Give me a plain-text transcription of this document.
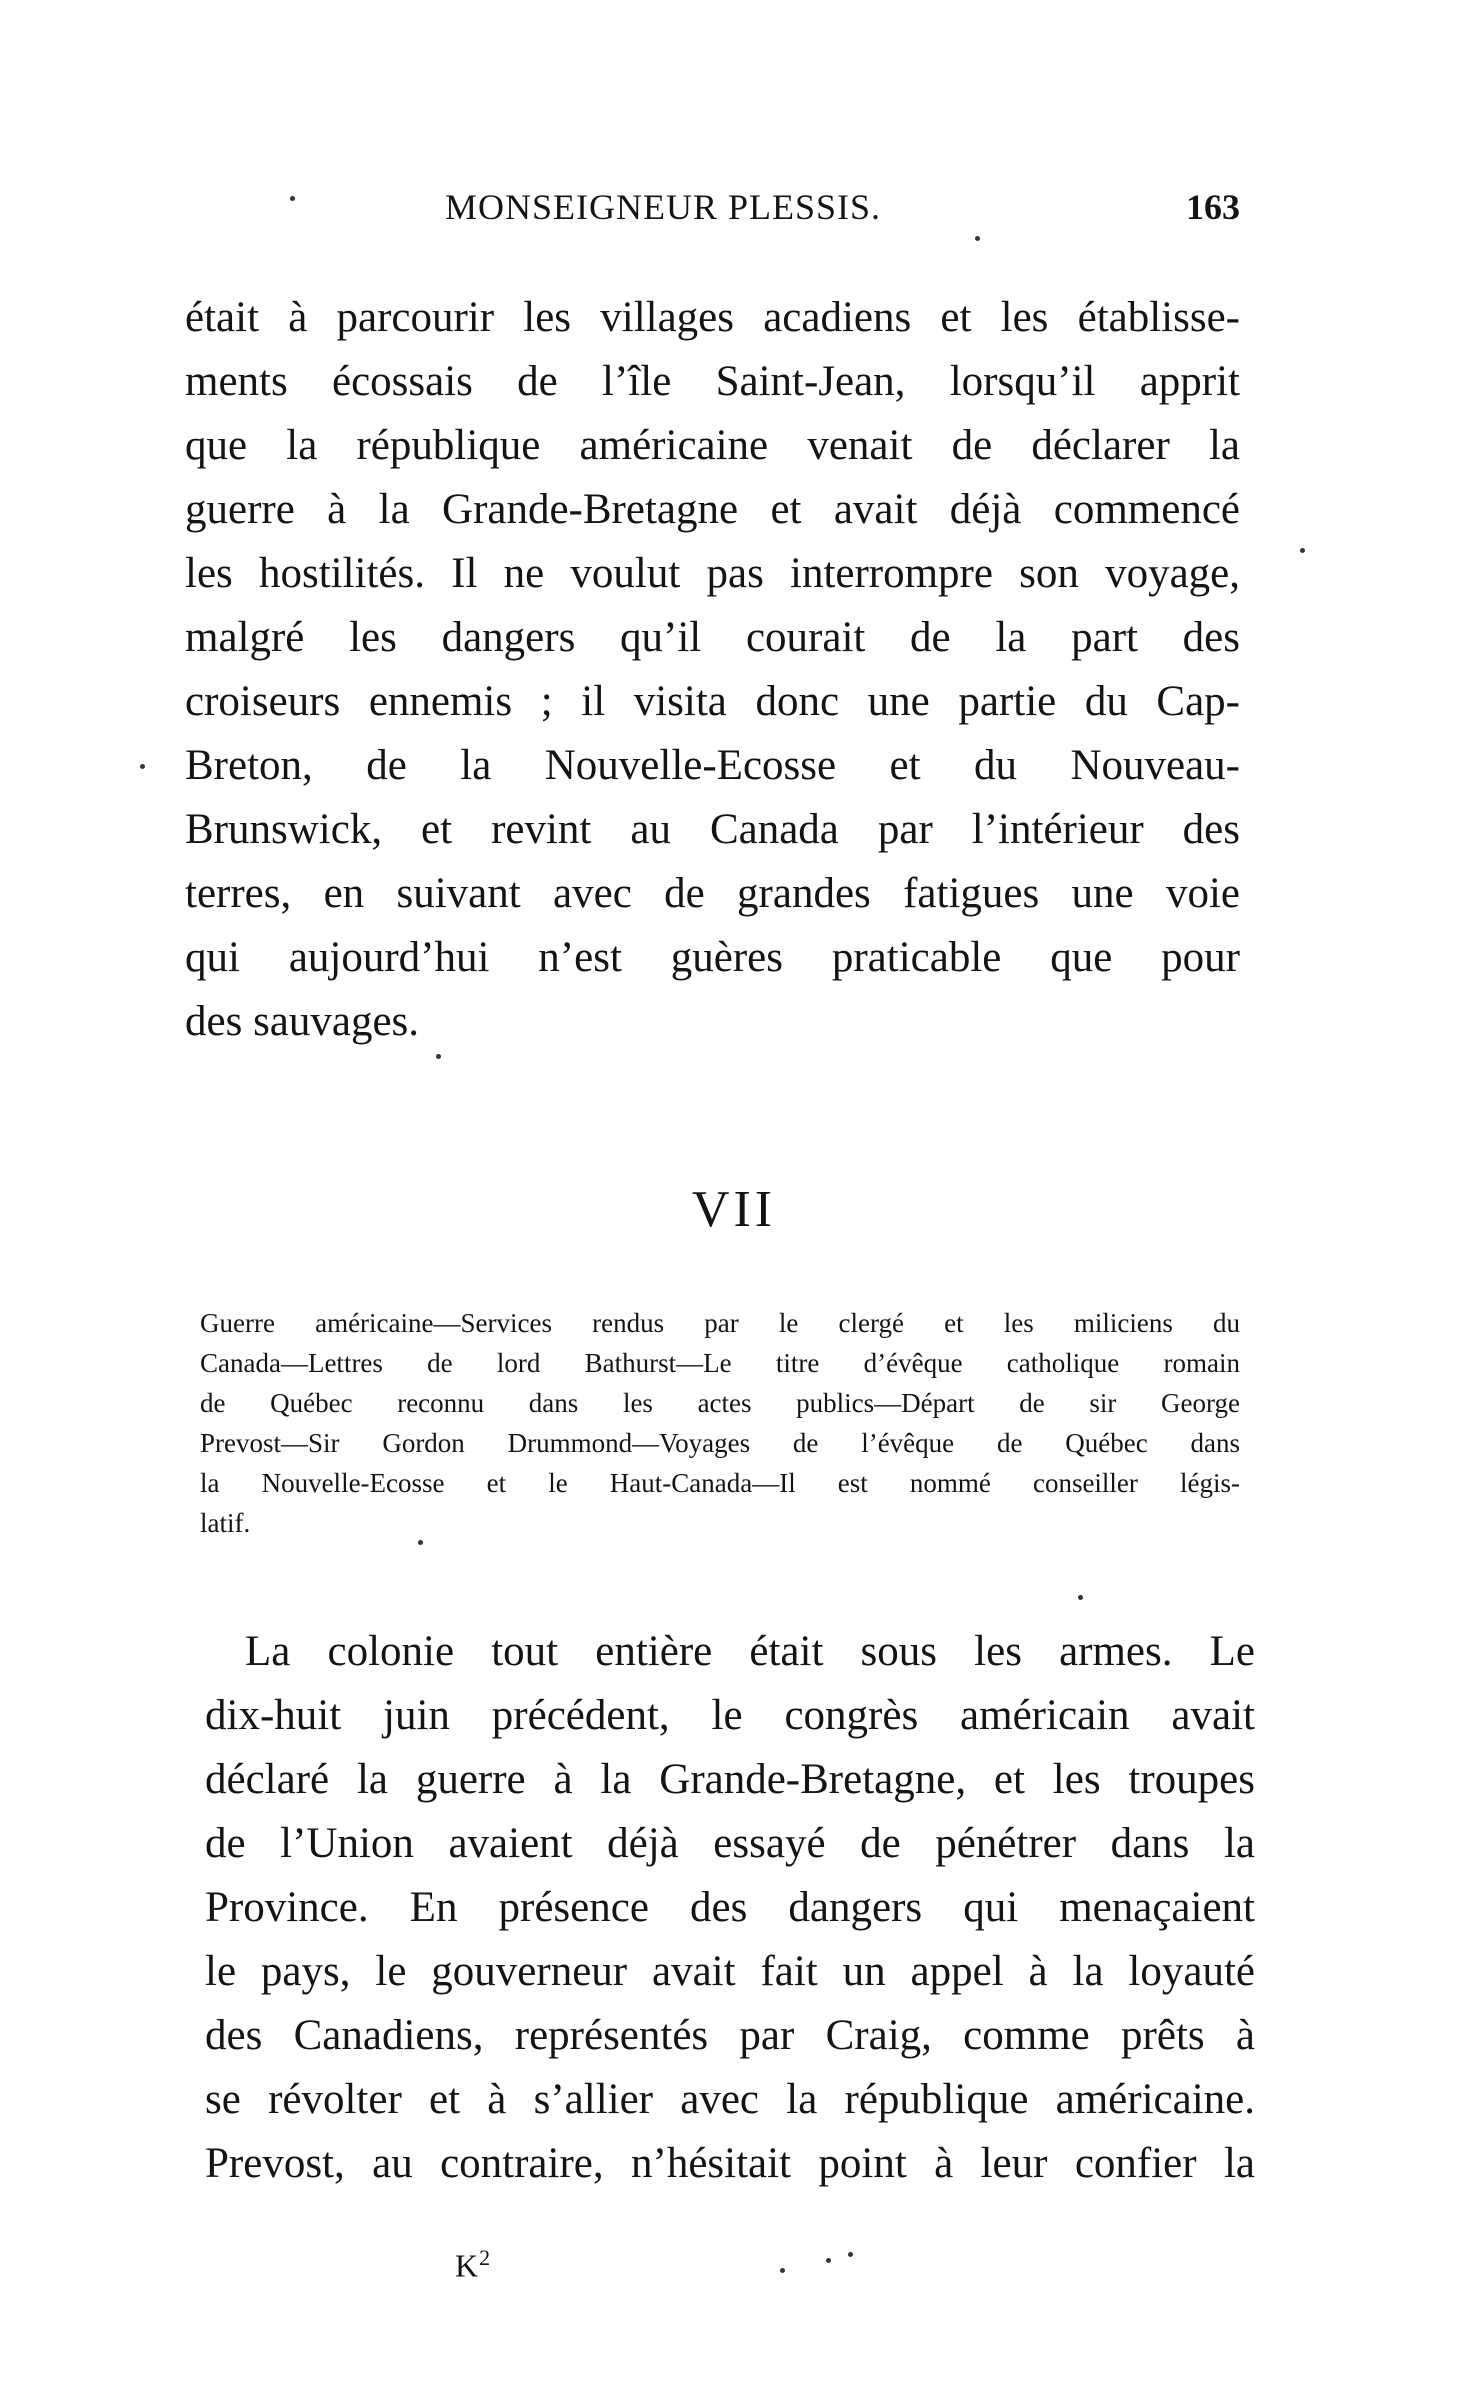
MONSEIGNEUR PLESSIS.	163
était à parcourir les villages acadiens et les établisse-
ments écossais de l’île Saint-Jean, lorsqu’il apprit
que la république américaine venait de déclarer la
guerre à la Grande-Bretagne et avait déjà commencé
les hostilités. Il ne voulut pas interrompre son voyage,
malgré les dangers qu’il courait de la part des
croiseurs ennemis ; il visita donc une partie du Cap-
Breton, de la Nouvelle-Ecosse et du Nouveau-
Brunswick, et revint au Canada par l’intérieur des
terres, en suivant avec de grandes fatigues une voie
qui aujourd’hui n’est guères praticable que pour
des sauvages.
VII
Guerre américaine—Services rendus par le clergé et les miliciens du
Canada—Lettres de lord Bathurst—Le titre d’évêque catholique romain
de Québec reconnu dans les actes publics—Départ de sir George
Prevost—Sir Gordon Drummond—Voyages de l’évêque de Québec dans
la Nouvelle-Ecosse et le Haut-Canada—Il est nommé conseiller légis-
latif.
La colonie tout entière était sous les armes. Le
dix-huit juin précédent, le congrès américain avait
déclaré la guerre à la Grande-Bretagne, et les troupes
de l’Union avaient déjà essayé de pénétrer dans la
Province. En présence des dangers qui menaçaient
le pays, le gouverneur avait fait un appel à la loyauté
des Canadiens, représentés par Craig, comme prêts à
se révolter et à s’allier avec la république américaine.
Prevost, au contraire, n’hésitait point à leur confier la
$K^2$
